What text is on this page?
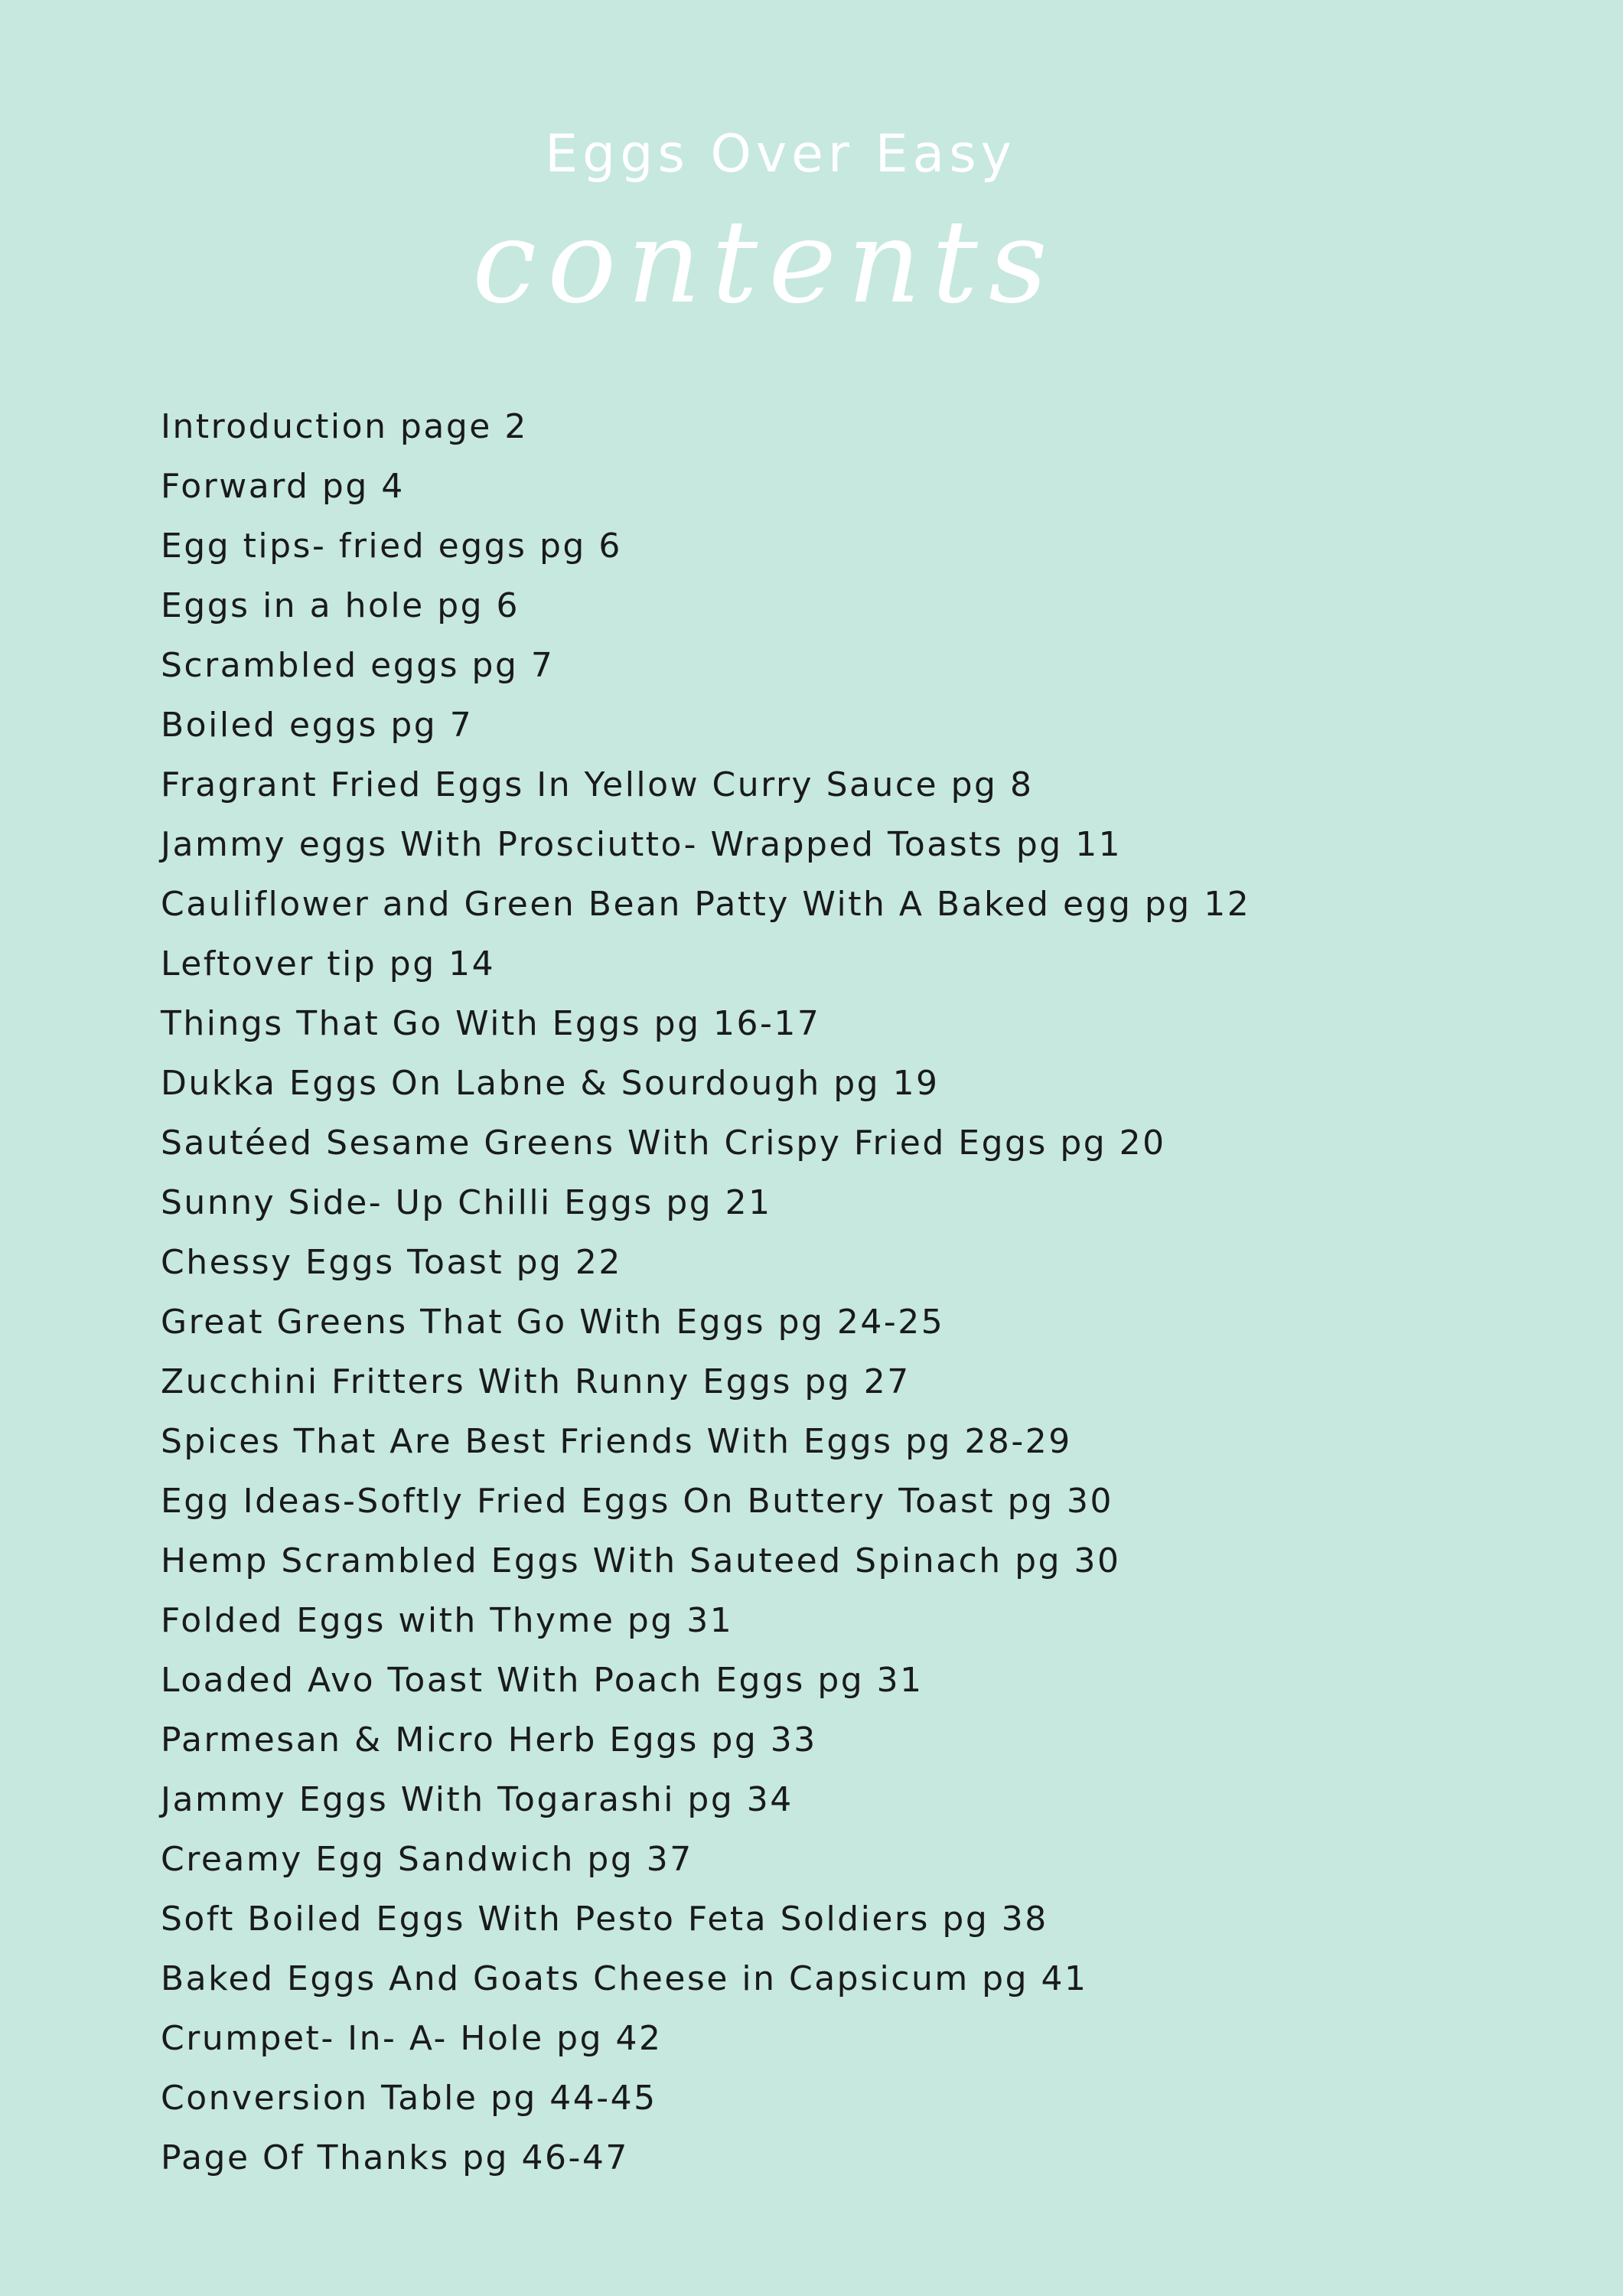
Eggs Over Easy
contents
Introduction page 2
Forward pg 4
Egg tips- fried eggs pg 6
Eggs in a hole pg 6
Scrambled eggs pg 7
Boiled eggs pg 7
Fragrant Fried Eggs In Yellow Curry Sauce pg 8
Jammy eggs With Prosciutto- Wrapped Toasts pg 11
Cauliflower and Green Bean Patty With A Baked egg pg 12
Leftover tip pg 14
Things That Go With Eggs pg 16-17
Dukka Eggs On Labne & Sourdough pg 19
Sautéed Sesame Greens With Crispy Fried Eggs pg 20
Sunny Side- Up Chilli Eggs pg 21
Chessy Eggs Toast pg 22
Great Greens That Go With Eggs pg 24-25
Zucchini Fritters With Runny Eggs pg 27
Spices That Are Best Friends With Eggs pg 28-29
Egg Ideas-Softly Fried Eggs On Buttery Toast pg 30
Hemp Scrambled Eggs With Sauteed Spinach pg 30
Folded Eggs with Thyme pg 31
Loaded Avo Toast With Poach Eggs pg 31
Parmesan & Micro Herb Eggs pg 33
Jammy Eggs With Togarashi pg 34
Creamy Egg Sandwich pg 37
Soft Boiled Eggs With Pesto Feta Soldiers pg 38
Baked Eggs And Goats Cheese in Capsicum pg 41
Crumpet- In- A- Hole pg 42
Conversion Table pg 44-45
Page Of Thanks pg 46-47
